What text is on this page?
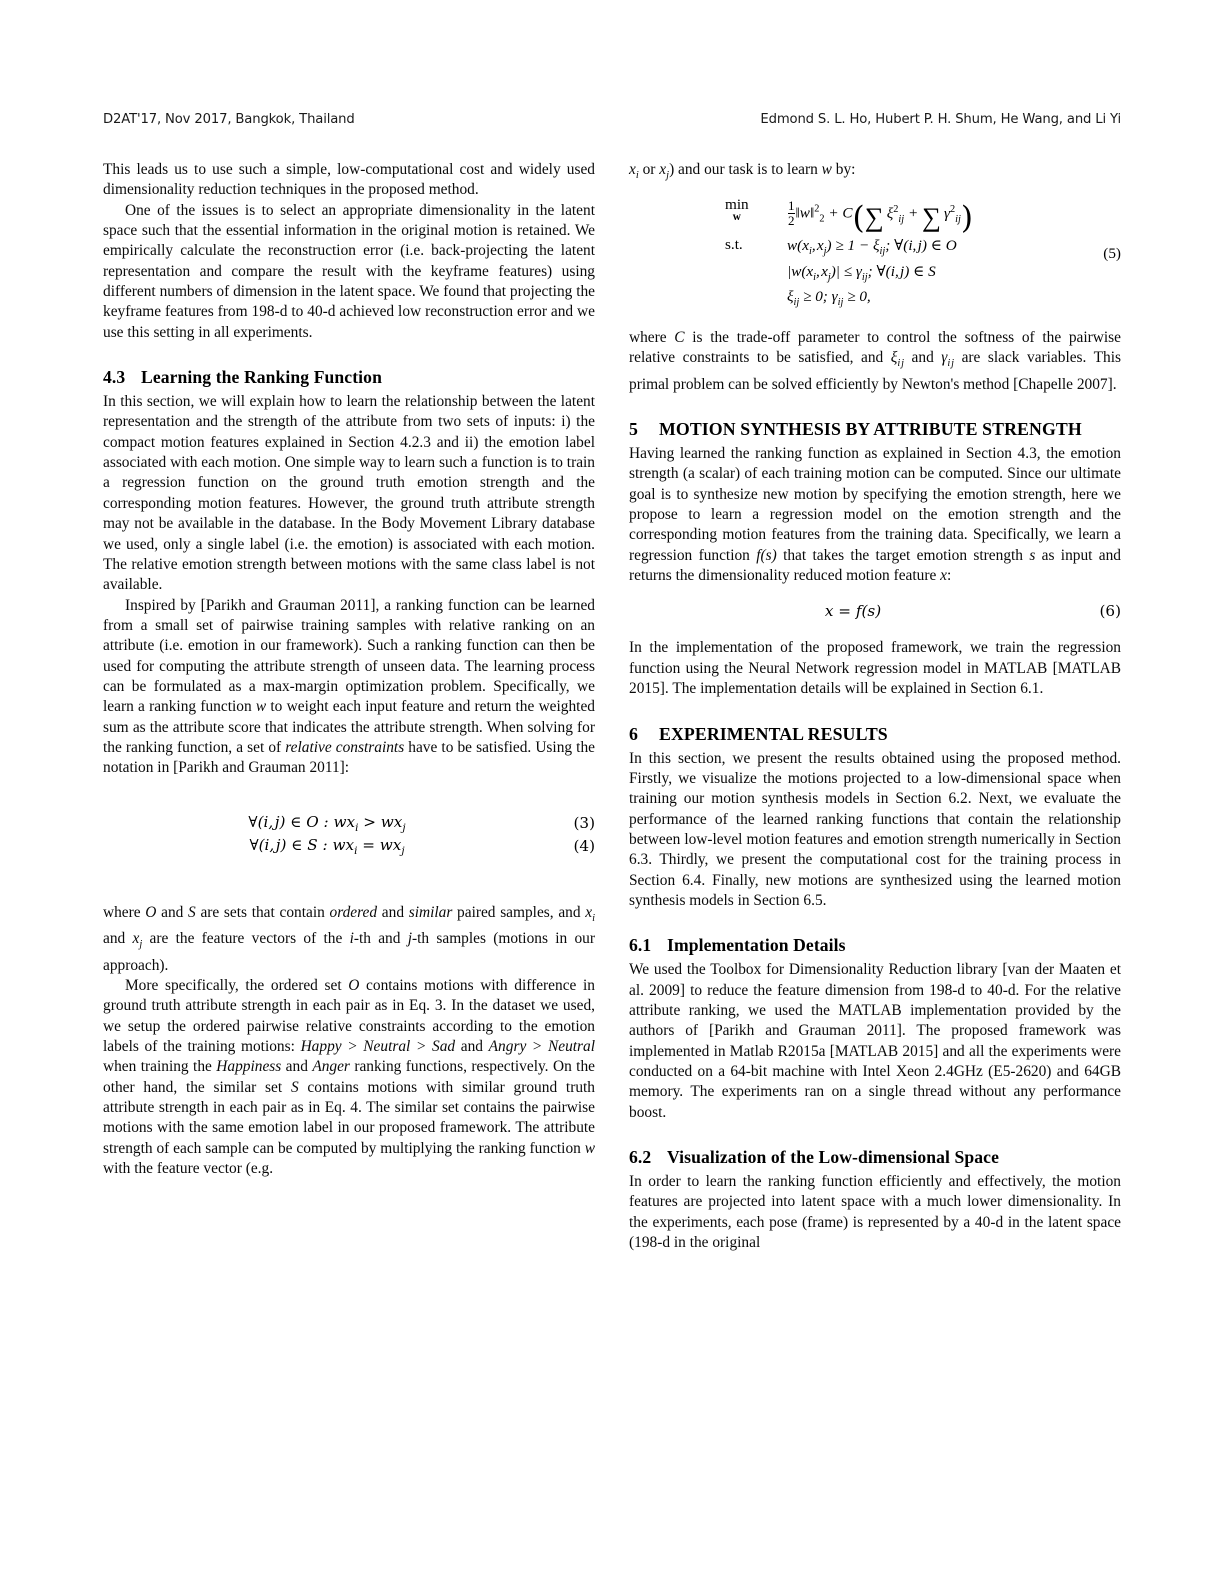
D2AT'17, Nov 2017, Bangkok, Thailand	Edmond S. L. Ho, Hubert P. H. Shum, He Wang, and Li Yi

This leads us to use such a simple, low-computational cost and widely used dimensionality reduction techniques in the proposed method.

One of the issues is to select an appropriate dimensionality in the latent space such that the essential information in the original motion is retained. We empirically calculate the reconstruction error (i.e. back-projecting the latent representation and compare the result with the keyframe features) using different numbers of dimension in the latent space. We found that projecting the keyframe features from 198-d to 40-d achieved low reconstruction error and we use this setting in all experiments.

4.3 Learning the Ranking Function

In this section, we will explain how to learn the relationship between the latent representation and the strength of the attribute from two sets of inputs: i) the compact motion features explained in Section 4.2.3 and ii) the emotion label associated with each motion. One simple way to learn such a function is to train a regression function on the ground truth emotion strength and the corresponding motion features. However, the ground truth attribute strength may not be available in the database. In the Body Movement Library database we used, only a single label (i.e. the emotion) is associated with each motion. The relative emotion strength between motions with the same class label is not available.

Inspired by [Parikh and Grauman 2011], a ranking function can be learned from a small set of pairwise training samples with relative ranking on an attribute (i.e. emotion in our framework). Such a ranking function can then be used for computing the attribute strength of unseen data. The learning process can be formulated as a max-margin optimization problem. Specifically, we learn a ranking function w to weight each input feature and return the weighted sum as the attribute score that indicates the attribute strength. When solving for the ranking function, a set of relative constraints have to be satisfied. Using the notation in [Parikh and Grauman 2011]:

∀(i, j) ∈ O : $wx_i > wx_j$	(3)
∀(i, j) ∈ S : $wx_i = wx_j$	(4)

where O and S are sets that contain ordered and similar paired samples, and $x_i$ and $x_j$ are the feature vectors of the i-th and j-th samples (motions in our approach).

More specifically, the ordered set O contains motions with difference in ground truth attribute strength in each pair as in Eq. 3. In the dataset we used, we setup the ordered pairwise relative constraints according to the emotion labels of the training motions: Happy > Neutral > Sad and Angry > Neutral when training the Happiness and Anger ranking functions, respectively. On the other hand, the similar set S contains motions with similar ground truth attribute strength in each pair as in Eq. 4. The similar set contains the pairwise motions with the same emotion label in our proposed framework. The attribute strength of each sample can be computed by multiplying the ranking function w with the feature vector (e.g.

$x_i$ or $x_j$) and our task is to learn w by:

min
w	$\frac{1}{2}$ ‖w‖$^2_2$ + C(∑  $\xi^2_{ij}$ + ∑  $\gamma^2_{ij}$)
s.t.	$w(x_i$, $x_j) \ge 1 - \xi_{ij}$; ∀(i, j) ∈ O
$|w(x_i$, $x_j)| \le \gamma_{ij}$; ∀(i, j) ∈ S
$\xi_{ij} \ge 0$; $\gamma_{ij} \ge 0$,
(5)

where C is the trade-off parameter to control the softness of the pairwise relative constraints to be satisfied, and $\xi_{i j}$ and $\gamma_{i j}$ are slack variables. This primal problem can be solved efficiently by Newton's method [Chapelle 2007].

5 MOTION SYNTHESIS BY ATTRIBUTE STRENGTH

Having learned the ranking function as explained in Section 4.3, the emotion strength (a scalar) of each training motion can be computed. Since our ultimate goal is to synthesize new motion by specifying the emotion strength, here we propose to learn a regression model on the emotion strength and the corresponding motion features from the training data. Specifically, we learn a regression function f(s) that takes the target emotion strength s as input and returns the dimensionality reduced motion feature x:

x = f(s)	(6)

In the implementation of the proposed framework, we train the regression function using the Neural Network regression model in MATLAB [MATLAB 2015]. The implementation details will be explained in Section 6.1.

6 EXPERIMENTAL RESULTS

In this section, we present the results obtained using the proposed method. Firstly, we visualize the motions projected to a low-dimensional space when training our motion synthesis models in Section 6.2. Next, we evaluate the performance of the learned ranking functions that contain the relationship between low-level motion features and emotion strength numerically in Section 6.3. Thirdly, we present the computational cost for the training process in Section 6.4. Finally, new motions are synthesized using the learned motion synthesis models in Section 6.5.

6.1 Implementation Details

We used the Toolbox for Dimensionality Reduction library [van der Maaten et al. 2009] to reduce the feature dimension from 198-d to 40-d. For the relative attribute ranking, we used the MATLAB implementation provided by the authors of [Parikh and Grauman 2011]. The proposed framework was implemented in Matlab R2015a [MATLAB 2015] and all the experiments were conducted on a 64-bit machine with Intel Xeon 2.4GHz (E5-2620) and 64GB memory. The experiments ran on a single thread without any performance boost.

6.2 Visualization of the Low-dimensional Space

In order to learn the ranking function efficiently and effectively, the motion features are projected into latent space with a much lower dimensionality. In the experiments, each pose (frame) is represented by a 40-d in the latent space (198-d in the original
